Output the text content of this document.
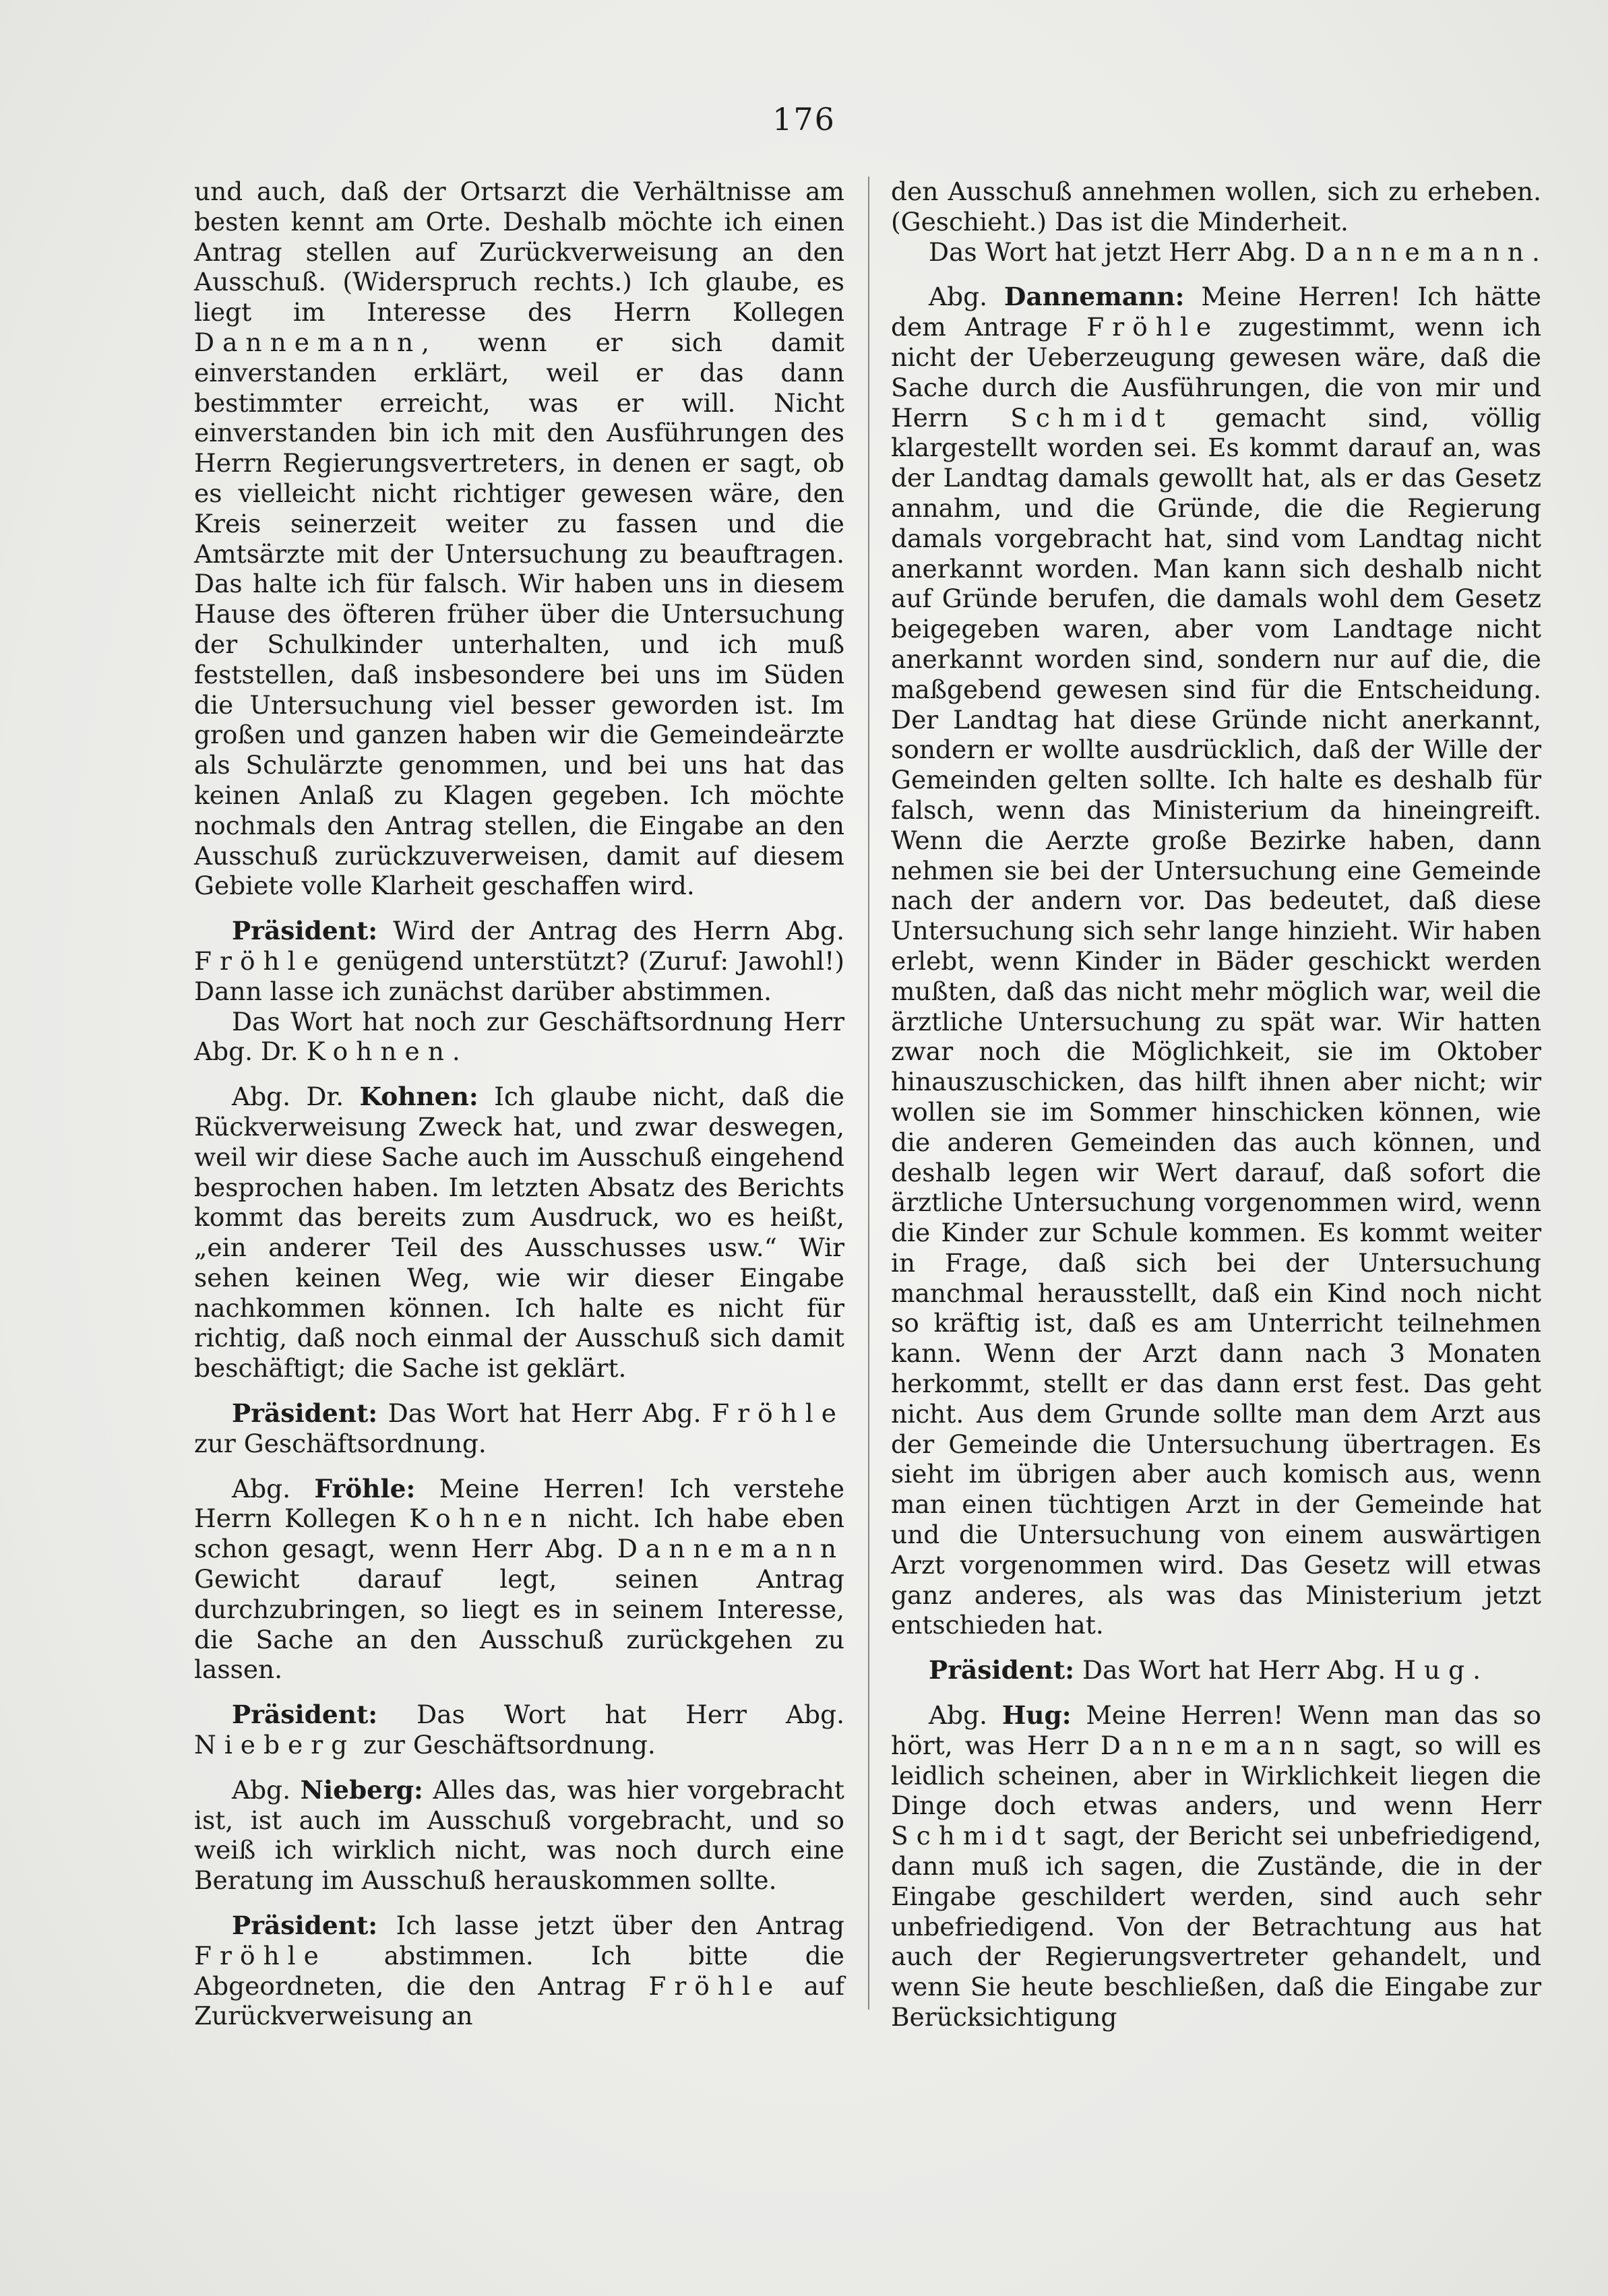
176

und auch, daß der Ortsarzt die Verhältnisse am besten kennt am Orte. Deshalb möchte ich einen Antrag stellen auf Zurückverweisung an den Ausschuß. (Widerspruch rechts.) Ich glaube, es liegt im Interesse des Herrn Kollegen Dannemann, wenn er sich damit einverstanden erklärt, weil er das dann bestimmter erreicht, was er will. Nicht einverstanden bin ich mit den Ausführungen des Herrn Regierungsvertreters, in denen er sagt, ob es vielleicht nicht richtiger gewesen wäre, den Kreis seinerzeit weiter zu fassen und die Amtsärzte mit der Untersuchung zu beauftragen. Das halte ich für falsch. Wir haben uns in diesem Hause des öfteren früher über die Untersuchung der Schulkinder unterhalten, und ich muß feststellen, daß insbesondere bei uns im Süden die Untersuchung viel besser geworden ist. Im großen und ganzen haben wir die Gemeindeärzte als Schulärzte genommen, und bei uns hat das keinen Anlaß zu Klagen gegeben. Ich möchte nochmals den Antrag stellen, die Eingabe an den Ausschuß zurückzuverweisen, damit auf diesem Gebiete volle Klarheit geschaffen wird.

Präsident: Wird der Antrag des Herrn Abg. Fröhle genügend unterstützt? (Zuruf: Jawohl!) Dann lasse ich zunächst darüber abstimmen.

Das Wort hat noch zur Geschäftsordnung Herr Abg. Dr. Kohnen.

Abg. Dr. Kohnen: Ich glaube nicht, daß die Rückverweisung Zweck hat, und zwar deswegen, weil wir diese Sache auch im Ausschuß eingehend besprochen haben. Im letzten Absatz des Berichts kommt das bereits zum Ausdruck, wo es heißt, „ein anderer Teil des Ausschusses usw.“ Wir sehen keinen Weg, wie wir dieser Eingabe nachkommen können. Ich halte es nicht für richtig, daß noch einmal der Ausschuß sich damit beschäftigt; die Sache ist geklärt.

Präsident: Das Wort hat Herr Abg. Fröhle zur Geschäftsordnung.

Abg. Fröhle: Meine Herren! Ich verstehe Herrn Kollegen Kohnen nicht. Ich habe eben schon gesagt, wenn Herr Abg. Dannemann Gewicht darauf legt, seinen Antrag durchzubringen, so liegt es in seinem Interesse, die Sache an den Ausschuß zurückgehen zu lassen.

Präsident: Das Wort hat Herr Abg. Nieberg zur Geschäftsordnung.

Abg. Nieberg: Alles das, was hier vorgebracht ist, ist auch im Ausschuß vorgebracht, und so weiß ich wirklich nicht, was noch durch eine Beratung im Ausschuß herauskommen sollte.

Präsident: Ich lasse jetzt über den Antrag Fröhle abstimmen. Ich bitte die Abgeordneten, die den Antrag Fröhle auf Zurückverweisung an

den Ausschuß annehmen wollen, sich zu erheben. (Geschieht.) Das ist die Minderheit.

Das Wort hat jetzt Herr Abg. Dannemann.

Abg. Dannemann: Meine Herren! Ich hätte dem Antrage Fröhle zugestimmt, wenn ich nicht der Ueberzeugung gewesen wäre, daß die Sache durch die Ausführungen, die von mir und Herrn Schmidt gemacht sind, völlig klargestellt worden sei. Es kommt darauf an, was der Landtag damals gewollt hat, als er das Gesetz annahm, und die Gründe, die die Regierung damals vorgebracht hat, sind vom Landtag nicht anerkannt worden. Man kann sich deshalb nicht auf Gründe berufen, die damals wohl dem Gesetz beigegeben waren, aber vom Landtage nicht anerkannt worden sind, sondern nur auf die, die maßgebend gewesen sind für die Entscheidung. Der Landtag hat diese Gründe nicht anerkannt, sondern er wollte ausdrücklich, daß der Wille der Gemeinden gelten sollte. Ich halte es deshalb für falsch, wenn das Ministerium da hineingreift. Wenn die Aerzte große Bezirke haben, dann nehmen sie bei der Untersuchung eine Gemeinde nach der andern vor. Das bedeutet, daß diese Untersuchung sich sehr lange hinzieht. Wir haben erlebt, wenn Kinder in Bäder geschickt werden mußten, daß das nicht mehr möglich war, weil die ärztliche Untersuchung zu spät war. Wir hatten zwar noch die Möglichkeit, sie im Oktober hinauszuschicken, das hilft ihnen aber nicht; wir wollen sie im Sommer hinschicken können, wie die anderen Gemeinden das auch können, und deshalb legen wir Wert darauf, daß sofort die ärztliche Untersuchung vorgenommen wird, wenn die Kinder zur Schule kommen. Es kommt weiter in Frage, daß sich bei der Untersuchung manchmal herausstellt, daß ein Kind noch nicht so kräftig ist, daß es am Unterricht teilnehmen kann. Wenn der Arzt dann nach 3 Monaten herkommt, stellt er das dann erst fest. Das geht nicht. Aus dem Grunde sollte man dem Arzt aus der Gemeinde die Untersuchung übertragen. Es sieht im übrigen aber auch komisch aus, wenn man einen tüchtigen Arzt in der Gemeinde hat und die Untersuchung von einem auswärtigen Arzt vorgenommen wird. Das Gesetz will etwas ganz anderes, als was das Ministerium jetzt entschieden hat.

Präsident: Das Wort hat Herr Abg. Hug.

Abg. Hug: Meine Herren! Wenn man das so hört, was Herr Dannemann sagt, so will es leidlich scheinen, aber in Wirklichkeit liegen die Dinge doch etwas anders, und wenn Herr Schmidt sagt, der Bericht sei unbefriedigend, dann muß ich sagen, die Zustände, die in der Eingabe geschildert werden, sind auch sehr unbefriedigend. Von der Betrachtung aus hat auch der Regierungsvertreter gehandelt, und wenn Sie heute beschließen, daß die Eingabe zur Berücksichtigung
